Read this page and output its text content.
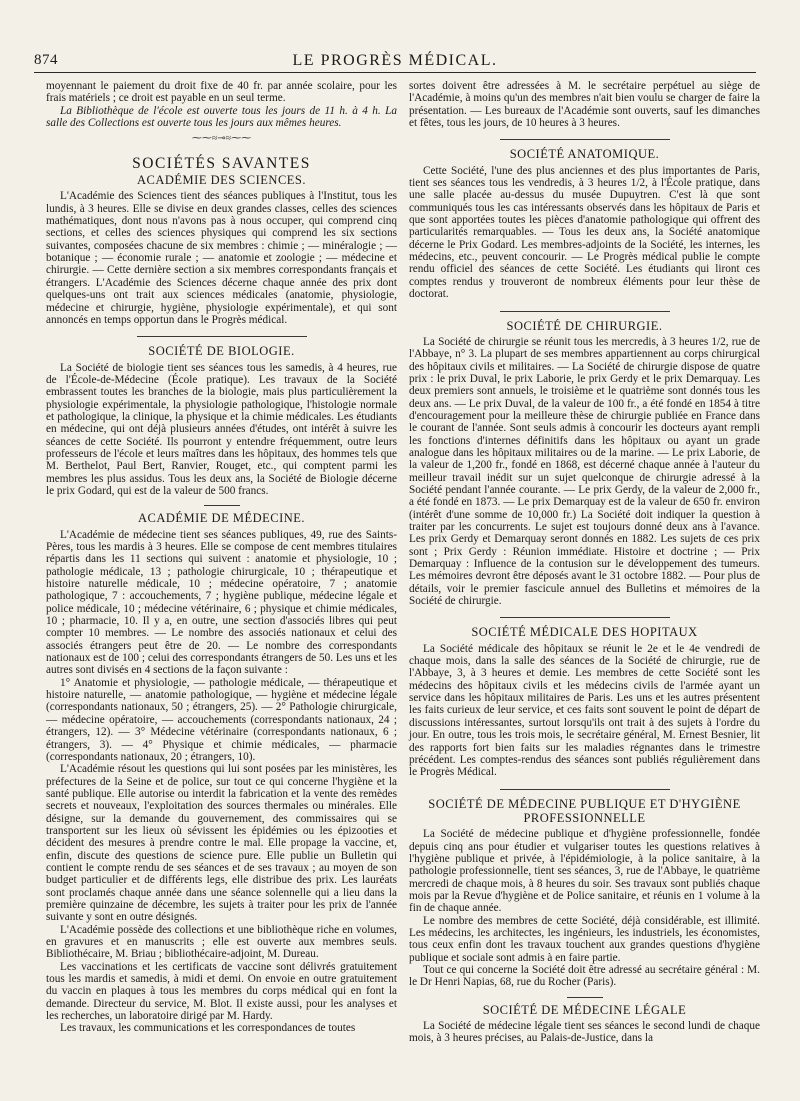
874	LE PROGRÈS MÉDICAL.

moyennant le paiement du droit fixe de 40 fr. par année scolaire, pour les frais matériels ; ce droit est payable en un seul terme.

La Bibliothèque de l'école est ouverte tous les jours de 11 h. à 4 h. La salle des Collections est ouverte tous les jours aux mêmes heures.

⁓⁓≈⊸≈⁓⁓
SOCIÉTÉS SAVANTES
ACADÉMIE DES SCIENCES.

L'Académie des Sciences tient des séances publiques à l'Institut, tous les lundis, à 3 heures. Elle se divise en deux grandes classes, celles des sciences mathématiques, dont nous n'avons pas à nous occuper, qui comprend cinq sections, et celles des sciences physiques qui comprend les six sections suivantes, composées chacune de six membres : chimie ; — minéralogie ; — botanique ; — économie rurale ; — anatomie et zoologie ; — médecine et chirurgie. — Cette dernière section a six membres correspondants français et étrangers. L'Académie des Sciences décerne chaque année des prix dont quelques-uns ont trait aux sciences médicales (anatomie, physiologie, médecine et chirurgie, hygiène, physiologie expérimentale), et qui sont annoncés en temps opportun dans le Progrès médical.

SOCIÉTÉ DE BIOLOGIE.

La Société de biologie tient ses séances tous les samedis, à 4 heures, rue de l'École-de-Médecine (École pratique). Les travaux de la Société embrassent toutes les branches de la biologie, mais plus particulièrement la physiologie expérimentale, la physiologie pathologique, l'histologie normale et pathologique, la clinique, la physique et la chimie médicales. Les étudiants en médecine, qui ont déjà plusieurs années d'études, ont intérêt à suivre les séances de cette Société. Ils pourront y entendre fréquemment, outre leurs professeurs de l'école et leurs maîtres dans les hôpitaux, des hommes tels que M. Berthelot, Paul Bert, Ranvier, Rouget, etc., qui comptent parmi les membres les plus assidus. Tous les deux ans, la Société de Biologie décerne le prix Godard, qui est de la valeur de 500 francs.

ACADÉMIE DE MÉDECINE.

L'Académie de médecine tient ses séances publiques, 49, rue des Saints-Pères, tous les mardis à 3 heures. Elle se compose de cent membres titulaires répartis dans les 11 sections qui suivent : anatomie et physiologie, 10 ; pathologie médicale, 13 ; pathologie chirurgicale, 10 ; thérapeutique et histoire naturelle médicale, 10 ; médecine opératoire, 7 ; anatomie pathologique, 7 : accouchements, 7 ; hygiène publique, médecine légale et police médicale, 10 ; médecine vétérinaire, 6 ; physique et chimie médicales, 10 ; pharmacie, 10. Il y a, en outre, une section d'associés libres qui peut compter 10 membres. — Le nombre des associés nationaux et celui des associés étrangers peut être de 20. — Le nombre des correspondants nationaux est de 100 ; celui des correspondants étrangers de 50. Les uns et les autres sont divisés en 4 sections de la façon suivante :

1° Anatomie et physiologie, — pathologie médicale, — thérapeutique et histoire naturelle, — anatomie pathologique, — hygiène et médecine légale (correspondants nationaux, 50 ; étrangers, 25). — 2° Pathologie chirurgicale, — médecine opératoire, — accouchements (correspondants nationaux, 24 ; étrangers, 12). — 3° Médecine vétérinaire (correspondants nationaux, 6 ; étrangers, 3). — 4° Physique et chimie médicales, — pharmacie (correspondants nationaux, 20 ; étrangers, 10).

L'Académie résout les questions qui lui sont posées par les ministères, les préfectures de la Seine et de police, sur tout ce qui concerne l'hygiène et la santé publique. Elle autorise ou interdit la fabrication et la vente des remèdes secrets et nouveaux, l'exploitation des sources thermales ou minérales. Elle désigne, sur la demande du gouvernement, des commissaires qui se transportent sur les lieux où sévissent les épidémies ou les épizooties et décident des mesures à prendre contre le mal. Elle propage la vaccine, et, enfin, discute des questions de science pure. Elle publie un Bulletin qui contient le compte rendu de ses séances et de ses travaux ; au moyen de son budget particulier et de différents legs, elle distribue des prix. Les lauréats sont proclamés chaque année dans une séance solennelle qui a lieu dans la première quinzaine de décembre, les sujets à traiter pour les prix de l'année suivante y sont en outre désignés.

L'Académie possède des collections et une bibliothèque riche en volumes, en gravures et en manuscrits ; elle est ouverte aux membres seuls. Bibliothécaire, M. Briau ; bibliothécaire-adjoint, M. Dureau.

Les vaccinations et les certificats de vaccine sont délivrés gratuitement tous les mardis et samedis, à midi et demi. On envoie en outre gratuitement du vaccin en plaques à tous les membres du corps médical qui en font la demande. Directeur du service, M. Blot. Il existe aussi, pour les analyses et les recherches, un laboratoire dirigé par M. Hardy.

Les travaux, les communications et les correspondances de toutes

sortes doivent être adressées à M. le secrétaire perpétuel au siège de l'Académie, à moins qu'un des membres n'ait bien voulu se charger de faire la présentation. — Les bureaux de l'Académie sont ouverts, sauf les dimanches et fêtes, tous les jours, de 10 heures à 3 heures.

SOCIÉTÉ ANATOMIQUE.

Cette Société, l'une des plus anciennes et des plus importantes de Paris, tient ses séances tous les vendredis, à 3 heures 1/2, à l'École pratique, dans une salle placée au-dessus du musée Dupuytren. C'est là que sont communiqués tous les cas intéressants observés dans les hôpitaux de Paris et que sont apportées toutes les pièces d'anatomie pathologique qui offrent des particularités remarquables. — Tous les deux ans, la Société anatomique décerne le Prix Godard. Les membres-adjoints de la Société, les internes, les médecins, etc., peuvent concourir. — Le Progrès médical publie le compte rendu officiel des séances de cette Société. Les étudiants qui liront ces comptes rendus y trouveront de nombreux éléments pour leur thèse de doctorat.

SOCIÉTÉ DE CHIRURGIE.

La Société de chirurgie se réunit tous les mercredis, à 3 heures 1/2, rue de l'Abbaye, n° 3. La plupart de ses membres appartiennent au corps chirurgical des hôpitaux civils et militaires. — La Société de chirurgie dispose de quatre prix : le prix Duval, le prix Laborie, le prix Gerdy et le prix Demarquay. Les deux premiers sont annuels, le troisième et le quatrième sont donnés tous les deux ans. — Le prix Duval, de la valeur de 100 fr., a été fondé en 1854 à titre d'encouragement pour la meilleure thèse de chirurgie publiée en France dans le courant de l'année. Sont seuls admis à concourir les docteurs ayant rempli les fonctions d'internes définitifs dans les hôpitaux ou ayant un grade analogue dans les hôpitaux militaires ou de la marine. — Le prix Laborie, de la valeur de 1,200 fr., fondé en 1868, est décerné chaque année à l'auteur du meilleur travail inédit sur un sujet quelconque de chirurgie adressé à la Société pendant l'année courante. — Le prix Gerdy, de la valeur de 2,000 fr., a été fondé en 1873. — Le prix Demarquay est de la valeur de 650 fr. environ (intérêt d'une somme de 10,000 fr.) La Société doit indiquer la question à traiter par les concurrents. Le sujet est toujours donné deux ans à l'avance. Les prix Gerdy et Demarquay seront donnés en 1882. Les sujets de ces prix sont ; Prix Gerdy : Réunion immédiate. Histoire et doctrine ; — Prix Demarquay : Influence de la contusion sur le développement des tumeurs. Les mémoires devront être déposés avant le 31 octobre 1882. — Pour plus de détails, voir le premier fascicule annuel des Bulletins et mémoires de la Société de chirurgie.

SOCIÉTÉ MÉDICALE DES HOPITAUX

La Société médicale des hôpitaux se réunit le 2e et le 4e vendredi de chaque mois, dans la salle des séances de la Société de chirurgie, rue de l'Abbaye, 3, à 3 heures et demie. Les membres de cette Société sont les médecins des hôpitaux civils et les médecins civils de l'armée ayant un service dans les hôpitaux militaires de Paris. Les uns et les autres présentent les faits curieux de leur service, et ces faits sont souvent le point de départ de discussions intéressantes, surtout lorsqu'ils ont trait à des sujets à l'ordre du jour. En outre, tous les trois mois, le secrétaire général, M. Ernest Besnier, lit des rapports fort bien faits sur les maladies régnantes dans le trimestre précédent. Les comptes-rendus des séances sont publiés régulièrement dans le Progrès Médical.

SOCIÉTÉ DE MÉDECINE PUBLIQUE ET D'HYGIÈNE
PROFESSIONNELLE

La Société de médecine publique et d'hygiène professionnelle, fondée depuis cinq ans pour étudier et vulgariser toutes les questions relatives à l'hygiène publique et privée, à l'épidémiologie, à la police sanitaire, à la pathologie professionnelle, tient ses séances, 3, rue de l'Abbaye, le quatrième mercredi de chaque mois, à 8 heures du soir. Ses travaux sont publiés chaque mois par la Revue d'hygiène et de Police sanitaire, et réunis en 1 volume à la fin de chaque année.

Le nombre des membres de cette Société, déjà considérable, est illimité. Les médecins, les architectes, les ingénieurs, les industriels, les économistes, tous ceux enfin dont les travaux touchent aux grandes questions d'hygiène publique et sociale sont admis à en faire partie.

Tout ce qui concerne la Société doit être adressé au secrétaire général : M. le Dr Henri Napias, 68, rue du Rocher (Paris).

SOCIÉTÉ DE MÉDECINE LÉGALE

La Société de médecine légale tient ses séances le second lundi de chaque mois, à 3 heures précises, au Palais-de-Justice, dans la
